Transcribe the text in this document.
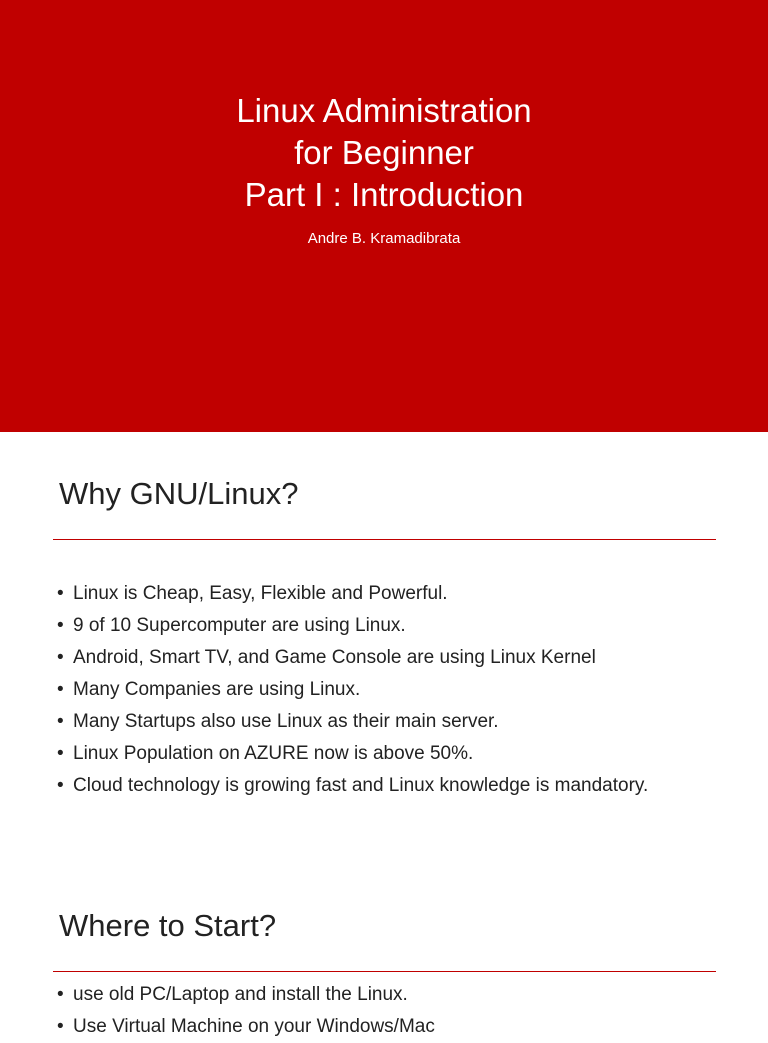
Linux Administration
for Beginner
Part I : Introduction
Andre B. Kramadibrata
Why GNU/Linux?
• Linux is Cheap, Easy, Flexible and Powerful.
• 9 of 10 Supercomputer are using Linux.
• Android, Smart TV, and Game Console are using Linux Kernel
• Many Companies are using Linux.
• Many Startups also use Linux as their main server.
• Linux Population on AZURE now is above 50%.
• Cloud technology is growing fast and Linux knowledge is mandatory.
Where to Start?
• use old PC/Laptop and install the Linux.
• Use Virtual Machine on your Windows/Mac
